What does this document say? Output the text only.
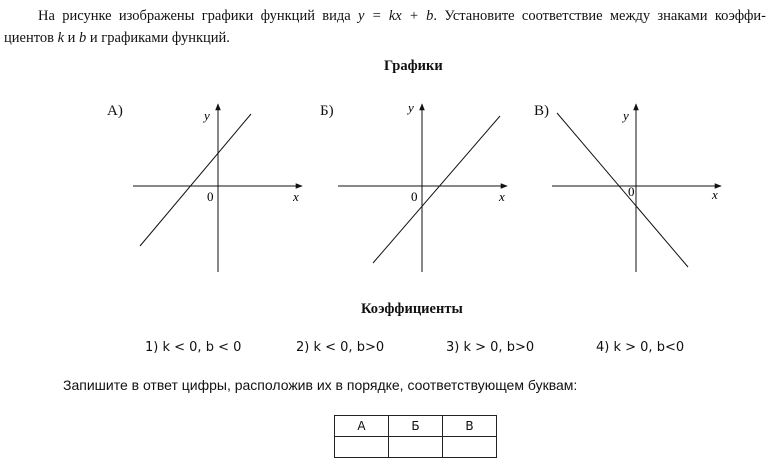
На рисунке изображены графики функций вида y = kx + b. Установите соответствие между знаками коэффи-
циентов k и b и графиками функций.
Графики
А)	Б)	В)
y
x
0
y
x
0
y
x
0
Коэффициенты
1) k < 0, b < 0	2) k < 0, b>0	3) k > 0, b>0	4) k > 0, b<0
Запишите в ответ цифры, расположив их в порядке, соответствующем буквам:
А	Б	В
